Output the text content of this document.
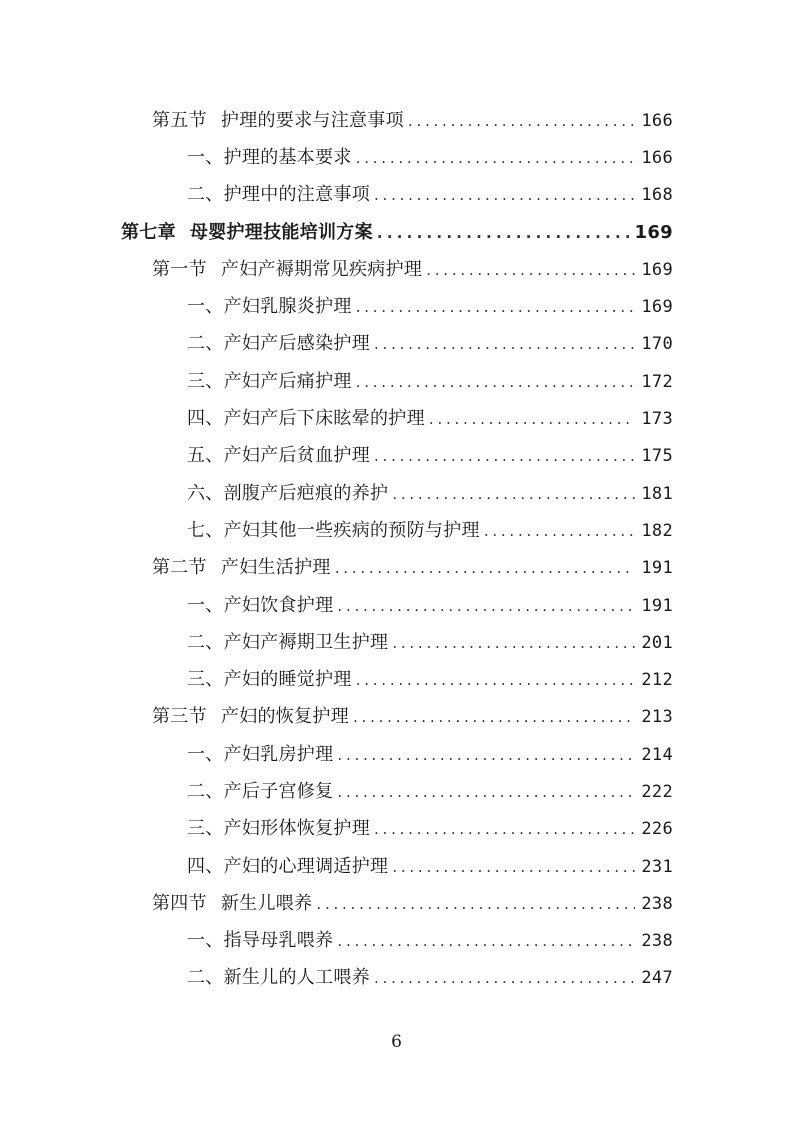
第五节 护理的要求与注意事项 . . .	166
一、护理的基本要求 . . .	166
二、护理中的注意事项 . . .	168
第七章 母婴护理技能培训方案 . . .	169
第一节 产妇产褥期常见疾病护理 . . .	169
一、产妇乳腺炎护理 . . .	169
二、产妇产后感染护理 . . .	170
三、产妇产后痛护理 . . .	172
四、产妇产后下床眩晕的护理 . . .	173
五、产妇产后贫血护理 . . .	175
六、剖腹产后疤痕的养护 . . .	181
七、产妇其他一些疾病的预防与护理 . . .	182
第二节 产妇生活护理 . . .	191
一、产妇饮食护理 . . .	191
二、产妇产褥期卫生护理 . . .	201
三、产妇的睡觉护理 . . .	212
第三节 产妇的恢复护理 . . .	213
一、产妇乳房护理 . . .	214
二、产后子宫修复 . . .	222
三、产妇形体恢复护理 . . .	226
四、产妇的心理调适护理 . . .	231
第四节 新生儿喂养 . . .	238
一、指导母乳喂养 . . .	238
二、新生儿的人工喂养 . . .	247
6
